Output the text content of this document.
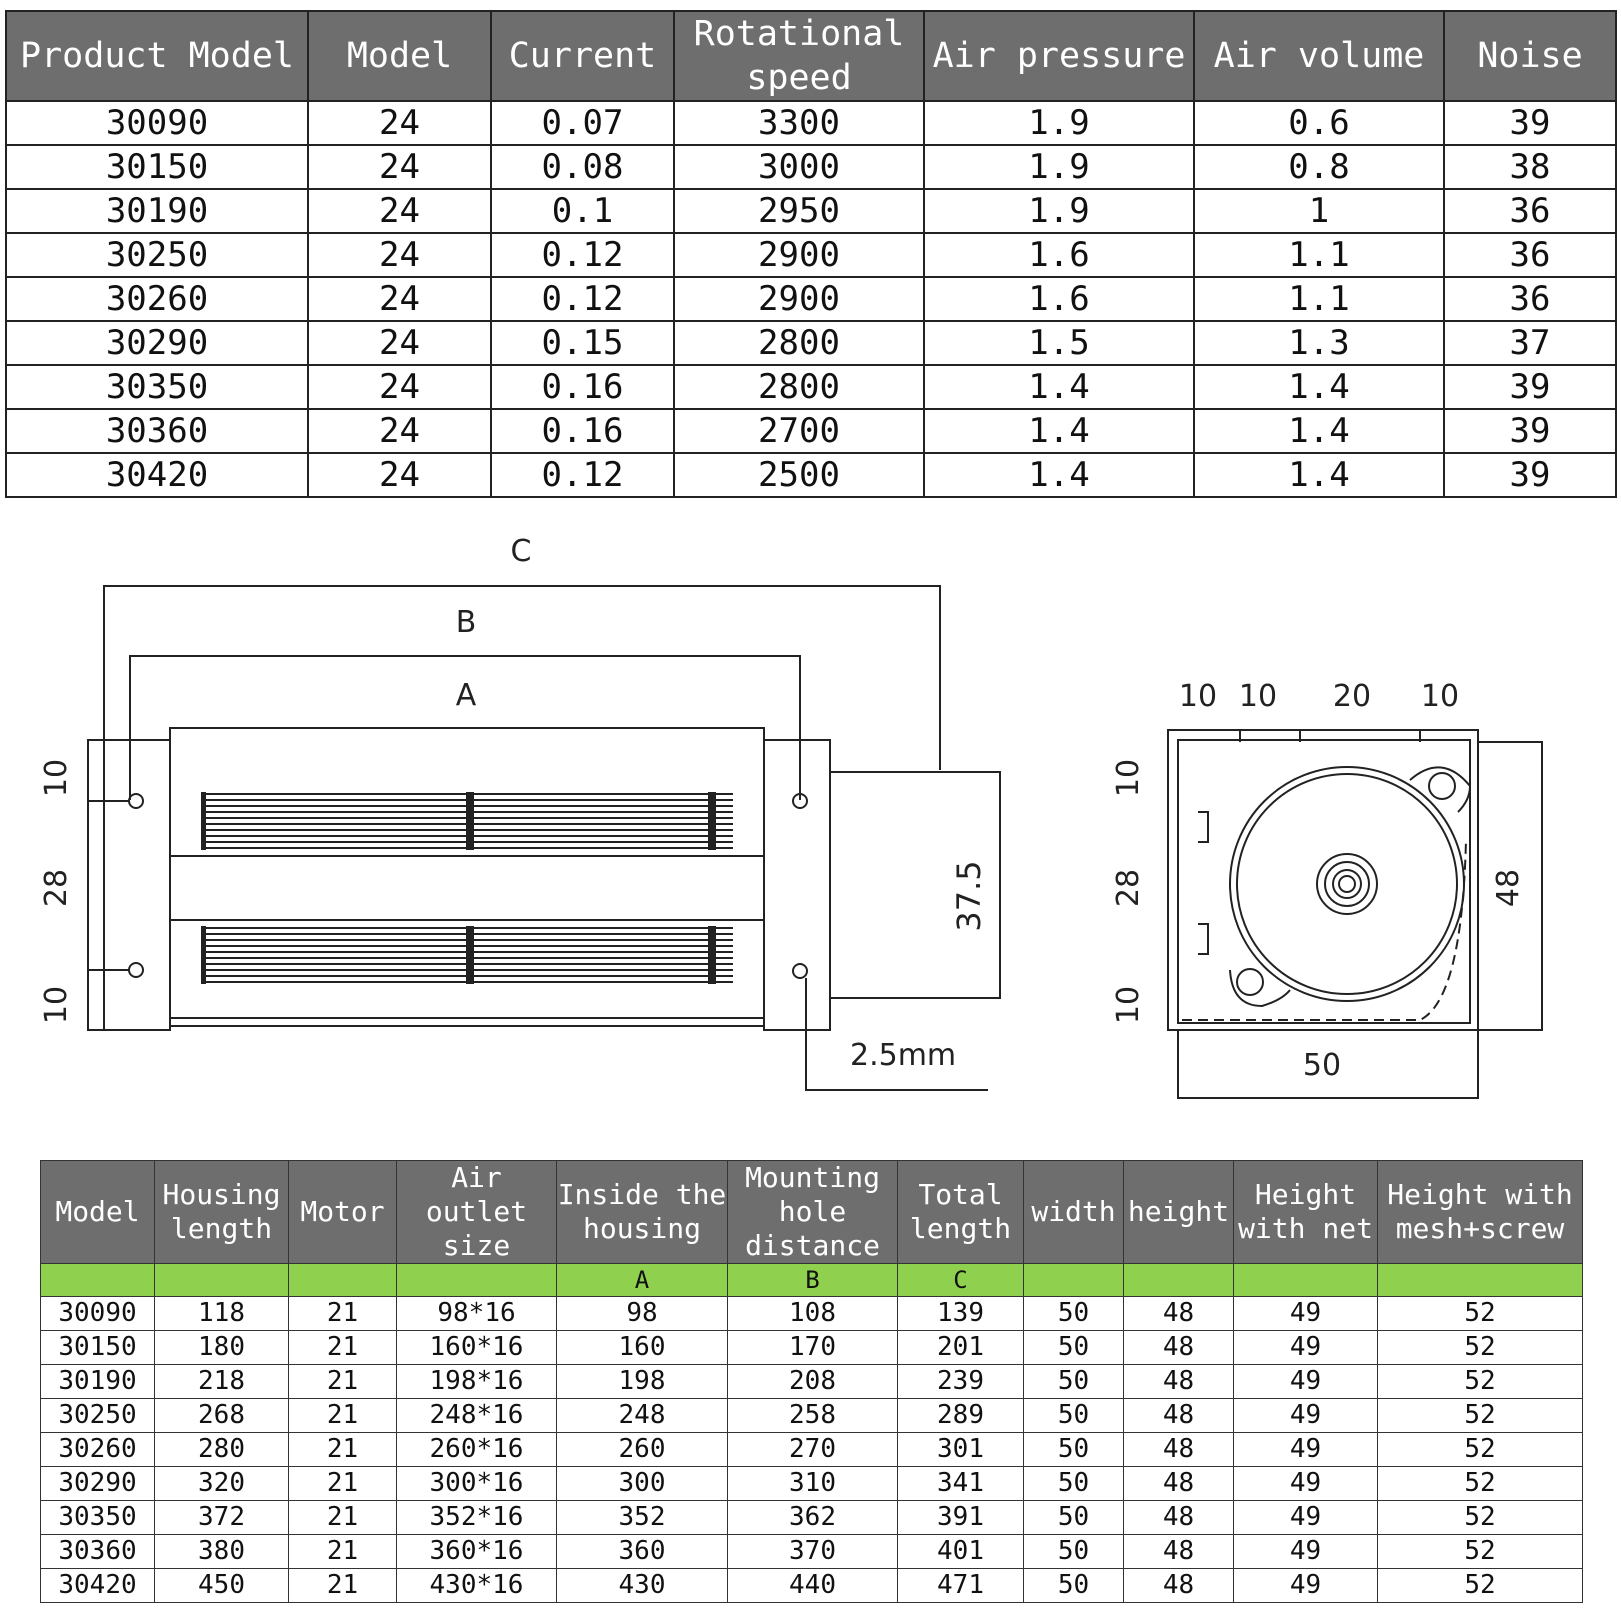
Product Model	Model	Current	Rotational speed	Air pressure	Air volume	Noise
30090	24	0.07	3300	1.9	0.6	39
30150	24	0.08	3000	1.9	0.8	38
30190	24	0.1	2950	1.9	1	36
30250	24	0.12	2900	1.6	1.1	36
30260	24	0.12	2900	1.6	1.1	36
30290	24	0.15	2800	1.5	1.3	37
30350	24	0.16	2800	1.4	1.4	39
30360	24	0.16	2700	1.4	1.4	39
30420	24	0.12	2500	1.4	1.4	39
C
B
A
10
28
10
37.5
2.5mm
10 10 20 10
10
28
10
48
50
Model	Housing length	Motor	Air outlet size	Inside the housing	Mounting hole distance	Total length	width	height	Height with net	Height with mesh+screw
				A	B	C				
30090	118	21	98*16	98	108	139	50	48	49	52
30150	180	21	160*16	160	170	201	50	48	49	52
30190	218	21	198*16	198	208	239	50	48	49	52
30250	268	21	248*16	248	258	289	50	48	49	52
30260	280	21	260*16	260	270	301	50	48	49	52
30290	320	21	300*16	300	310	341	50	48	49	52
30350	372	21	352*16	352	362	391	50	48	49	52
30360	380	21	360*16	360	370	401	50	48	49	52
30420	450	21	430*16	430	440	471	50	48	49	52
